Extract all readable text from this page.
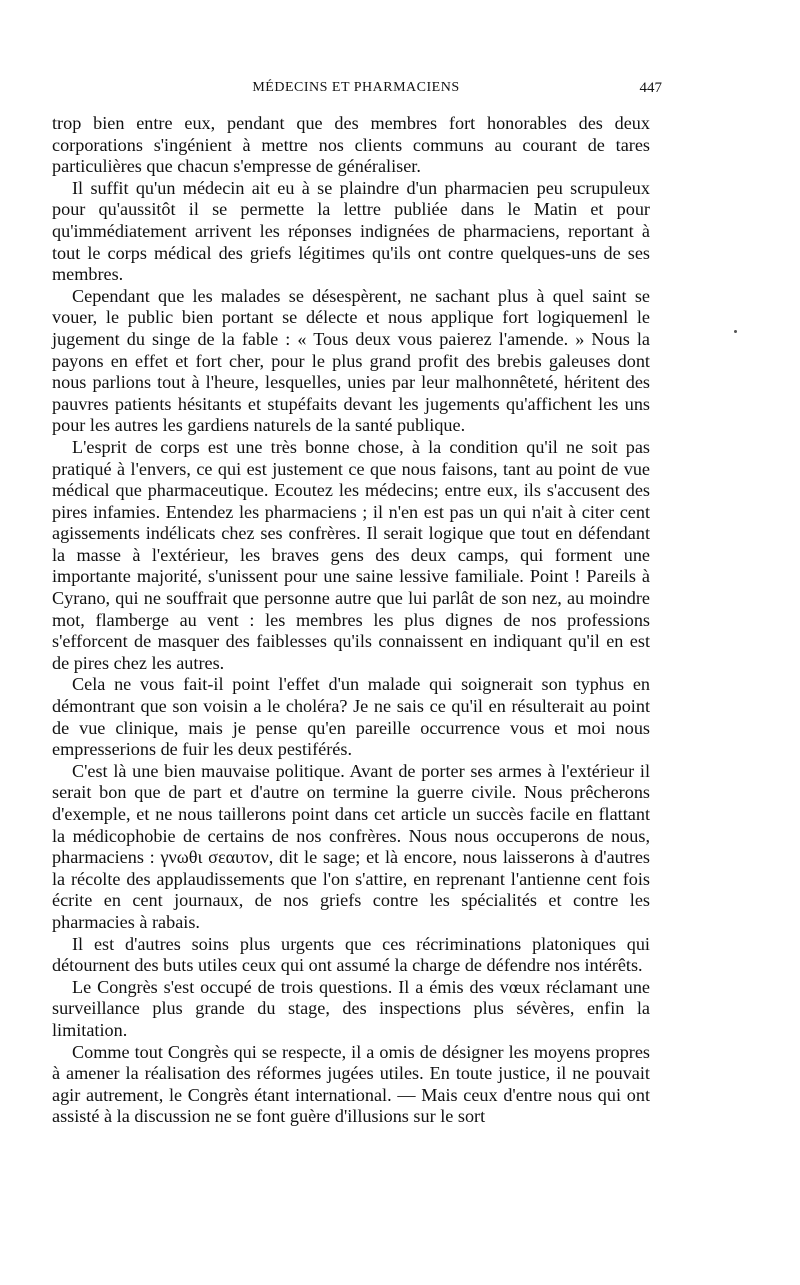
MÉDECINS ET PHARMACIENS	447

trop bien entre eux, pendant que des membres fort honorables des deux corporations s'ingénient à mettre nos clients communs au courant de tares particulières que chacun s'empresse de généraliser.

Il suffit qu'un médecin ait eu à se plaindre d'un pharmacien peu scrupuleux pour qu'aussitôt il se permette la lettre publiée dans le Matin et pour qu'immédiatement arrivent les réponses indignées de pharmaciens, reportant à tout le corps médical des griefs légitimes qu'ils ont contre quelques-uns de ses membres.

Cependant que les malades se désespèrent, ne sachant plus à quel saint se vouer, le public bien portant se délecte et nous applique fort logiquemenl le jugement du singe de la fable : « Tous deux vous paierez l'amende. » Nous la payons en effet et fort cher, pour le plus grand profit des brebis galeuses dont nous parlions tout à l'heure, lesquelles, unies par leur malhonnêteté, héritent des pauvres patients hésitants et stupéfaits devant les jugements qu'affichent les uns pour les autres les gardiens naturels de la santé publique.

L'esprit de corps est une très bonne chose, à la condition qu'il ne soit pas pratiqué à l'envers, ce qui est justement ce que nous faisons, tant au point de vue médical que pharmaceutique. Ecoutez les médecins; entre eux, ils s'accusent des pires infamies. Entendez les pharmaciens ; il n'en est pas un qui n'ait à citer cent agissements indélicats chez ses confrères. Il serait logique que tout en défendant la masse à l'extérieur, les braves gens des deux camps, qui forment une importante majorité, s'unissent pour une saine lessive familiale. Point ! Pareils à Cyrano, qui ne souffrait que personne autre que lui parlât de son nez, au moindre mot, flamberge au vent : les membres les plus dignes de nos professions s'efforcent de masquer des faiblesses qu'ils connaissent en indiquant qu'il en est de pires chez les autres.

Cela ne vous fait-il point l'effet d'un malade qui soignerait son typhus en démontrant que son voisin a le choléra? Je ne sais ce qu'il en résulterait au point de vue clinique, mais je pense qu'en pareille occurrence vous et moi nous empresserions de fuir les deux pestiférés.

C'est là une bien mauvaise politique. Avant de porter ses armes à l'extérieur il serait bon que de part et d'autre on termine la guerre civile. Nous prêcherons d'exemple, et ne nous taillerons point dans cet article un succès facile en flattant la médicophobie de certains de nos confrères. Nous nous occuperons de nous, pharmaciens : γνωθι σεαυτον, dit le sage; et là encore, nous laisserons à d'autres la récolte des applaudissements que l'on s'attire, en reprenant l'antienne cent fois écrite en cent journaux, de nos griefs contre les spécialités et contre les pharmacies à rabais.

Il est d'autres soins plus urgents que ces récriminations platoniques qui détournent des buts utiles ceux qui ont assumé la charge de défendre nos intérêts.

Le Congrès s'est occupé de trois questions. Il a émis des vœux réclamant une surveillance plus grande du stage, des inspections plus sévères, enfin la limitation.

Comme tout Congrès qui se respecte, il a omis de désigner les moyens propres à amener la réalisation des réformes jugées utiles. En toute justice, il ne pouvait agir autrement, le Congrès étant international. — Mais ceux d'entre nous qui ont assisté à la discussion ne se font guère d'illusions sur le sort
